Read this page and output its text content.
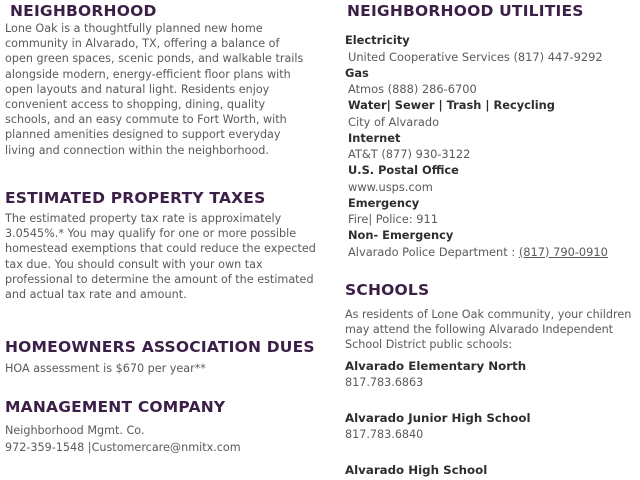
NEIGHBORHOOD

Lone Oak is a thoughtfully planned new home community in Alvarado, TX, offering a balance of open green spaces, scenic ponds, and walkable trails alongside modern, energy-efficient floor plans with open layouts and natural light. Residents enjoy convenient access to shopping, dining, quality schools, and an easy commute to Fort Worth, with planned amenities designed to support everyday living and connection within the neighborhood.

ESTIMATED PROPERTY TAXES

The estimated property tax rate is approximately 3.0545%.* You may qualify for one or more possible homestead exemptions that could reduce the expected tax due. You should consult with your own tax professional to determine the amount of the estimated and actual tax rate and amount.

HOMEOWNERS ASSOCIATION DUES

HOA assessment is $670 per year**

MANAGEMENT COMPANY

Neighborhood Mgmt. Co.

972-359-1548 |Customercare@nmitx.com

NEIGHBORHOOD UTILITIES
Electricity
United Cooperative Services (817) 447-9292
Gas
Atmos (888) 286-6700
Water| Sewer | Trash | Recycling
City of Alvarado
Internet
AT&T (877) 930-3122
U.S. Postal Office
www.usps.com
Emergency
Fire| Police: 911
Non- Emergency
Alvarado Police Department : (817) 790-0910
SCHOOLS

As residents of Lone Oak community, your children may attend the following Alvarado Independent School District public schools:

Alvarado Elementary North
817.783.6863
Alvarado Junior High School
817.783.6840
Alvarado High School
